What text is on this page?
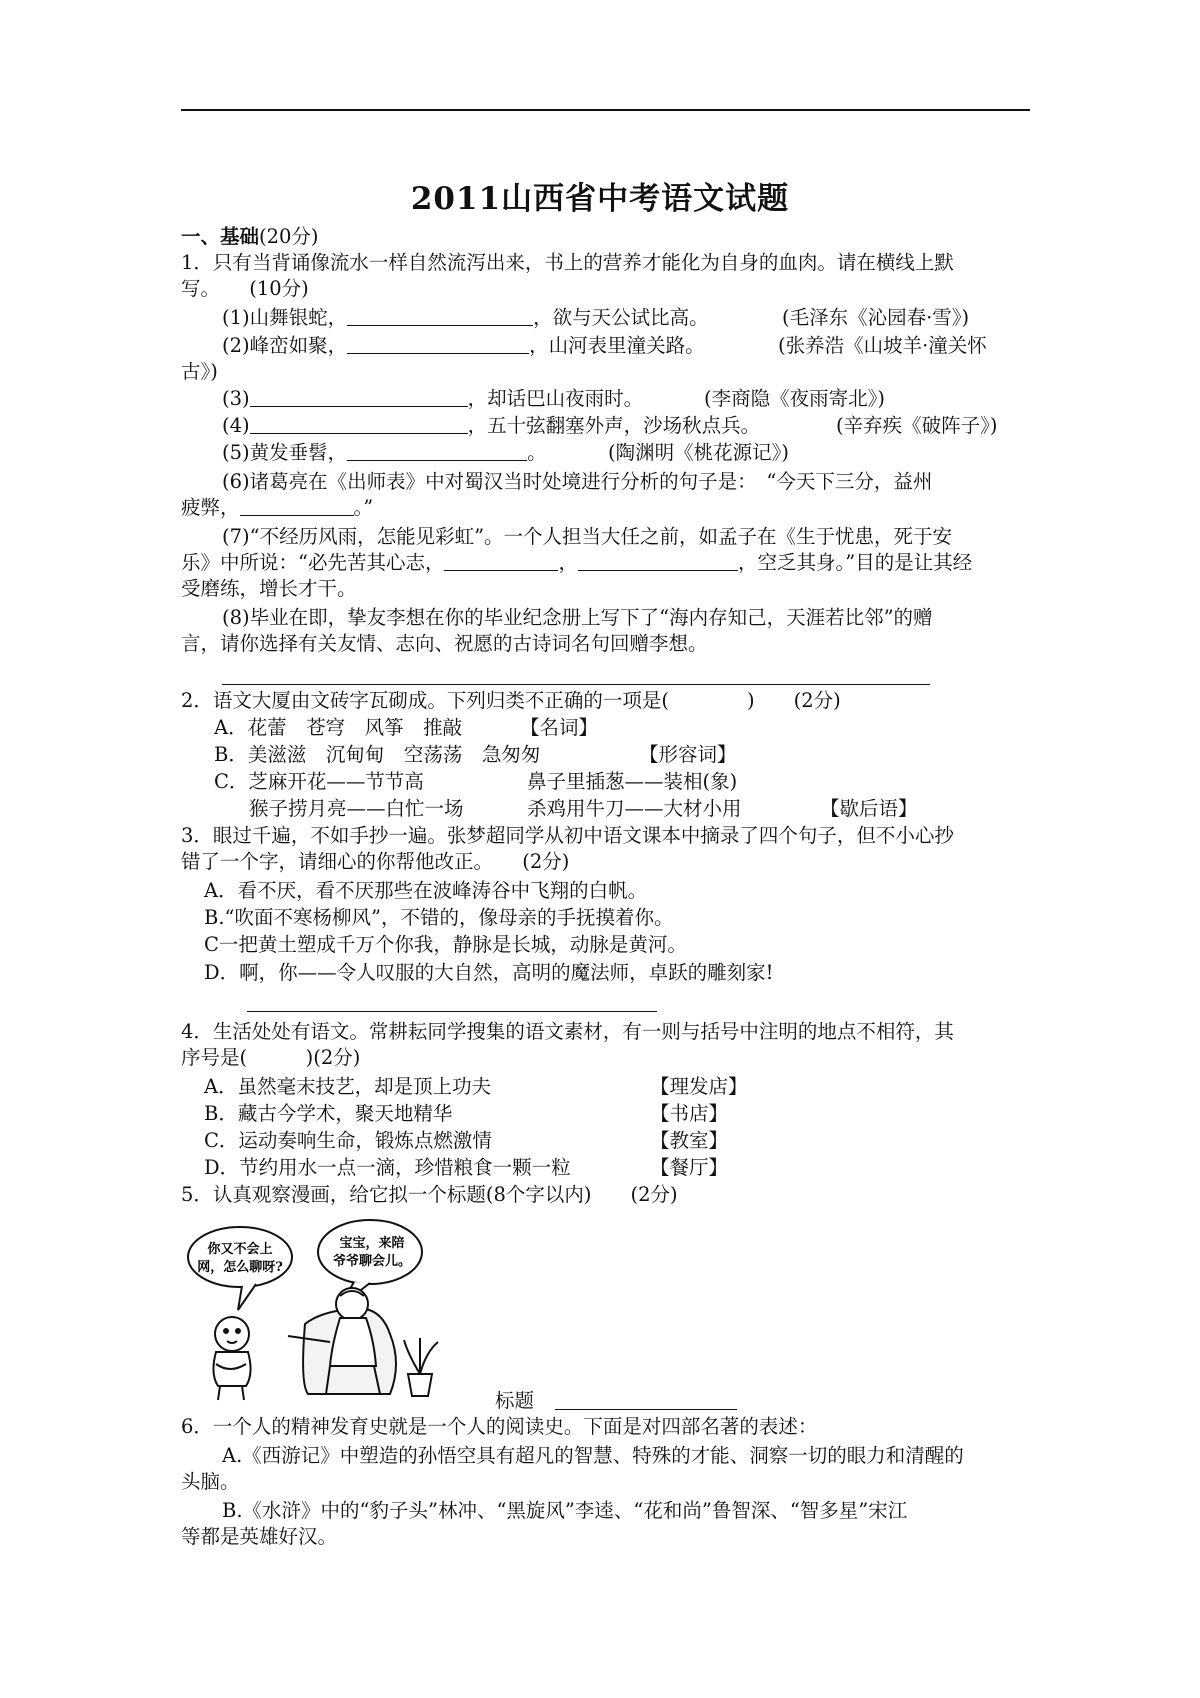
2011山西省中考语文试题
一、基础(20分)
1．只有当背诵像流水一样自然流泻出来，书上的营养才能化为自身的血肉。请在横线上默
写。　　(10分)
(1)山舞银蛇，	，欲与天公试比高。	(毛泽东《沁园春·雪》)
(2)峰峦如聚，	，山河表里潼关路。	(张养浩《山坡羊·潼关怀
古》)
(3)	，却话巴山夜雨时。	(李商隐《夜雨寄北》)
(4)	，五十弦翻塞外声，沙场秋点兵。	(辛弃疾《破阵子》)
(5)黄发垂髫，	。	(陶渊明《桃花源记》)
(6)诸葛亮在《出师表》中对蜀汉当时处境进行分析的句子是：　“今天下三分，益州
疲弊，	。”
(7)“不经历风雨，怎能见彩虹”。一个人担当大任之前，如孟子在《生于忧患，死于安
乐》中所说：“必先苦其心志，	，	，空乏其身。”目的是让其经
受磨练，增长才干。
(8)毕业在即，挚友李想在你的毕业纪念册上写下了“海内存知己，天涯若比邻”的赠
言，请你选择有关友情、志向、祝愿的古诗词名句回赠李想。
2．语文大厦由文砖字瓦砌成。下列归类不正确的一项是(　　　　)　　(2分)
A．花蕾　苍穹　风筝　推敲	【名词】
B．美滋滋　沉甸甸　空荡荡　急匆匆	【形容词】
C．芝麻开花——节节高	鼻子里插葱——装相(象)
猴子捞月亮——白忙一场	杀鸡用牛刀——大材小用	【歇后语】
3．眼过千遍，不如手抄一遍。张梦超同学从初中语文课本中摘录了四个句子，但不小心抄
错了一个字，请细心的你帮他改正。　　(2分)
A．看不厌，看不厌那些在波峰涛谷中飞翔的白帆。
B.“吹面不寒杨柳风”，不错的，像母亲的手抚摸着你。
C一把黄土塑成千万个你我，静脉是长城，动脉是黄河。
D．啊，你——令人叹服的大自然，高明的魔法师，卓跃的雕刻家!
4．生活处处有语文。常耕耘同学搜集的语文素材，有一则与括号中注明的地点不相符，其
序号是(　　　)(2分)
A．虽然毫末技艺，却是顶上功夫	【理发店】
B．藏古今学术，聚天地精华	【书店】
C．运动奏响生命，锻炼点燃激情	【教室】
D．节约用水一点一滴，珍惜粮食一颗一粒	【餐厅】
5．认真观察漫画，给它拟一个标题(8个字以内)　　(2分)
你又不会上
网，怎么聊呀?
宝宝，来陪
爷爷聊会儿。
标题
6．一个人的精神发育史就是一个人的阅读史。下面是对四部名著的表述：
A.《西游记》中塑造的孙悟空具有超凡的智慧、特殊的才能、洞察一切的眼力和清醒的
头脑。
B.《水浒》中的“豹子头”林冲、“黑旋风”李逵、“花和尚”鲁智深、“智多星”宋江
等都是英雄好汉。
